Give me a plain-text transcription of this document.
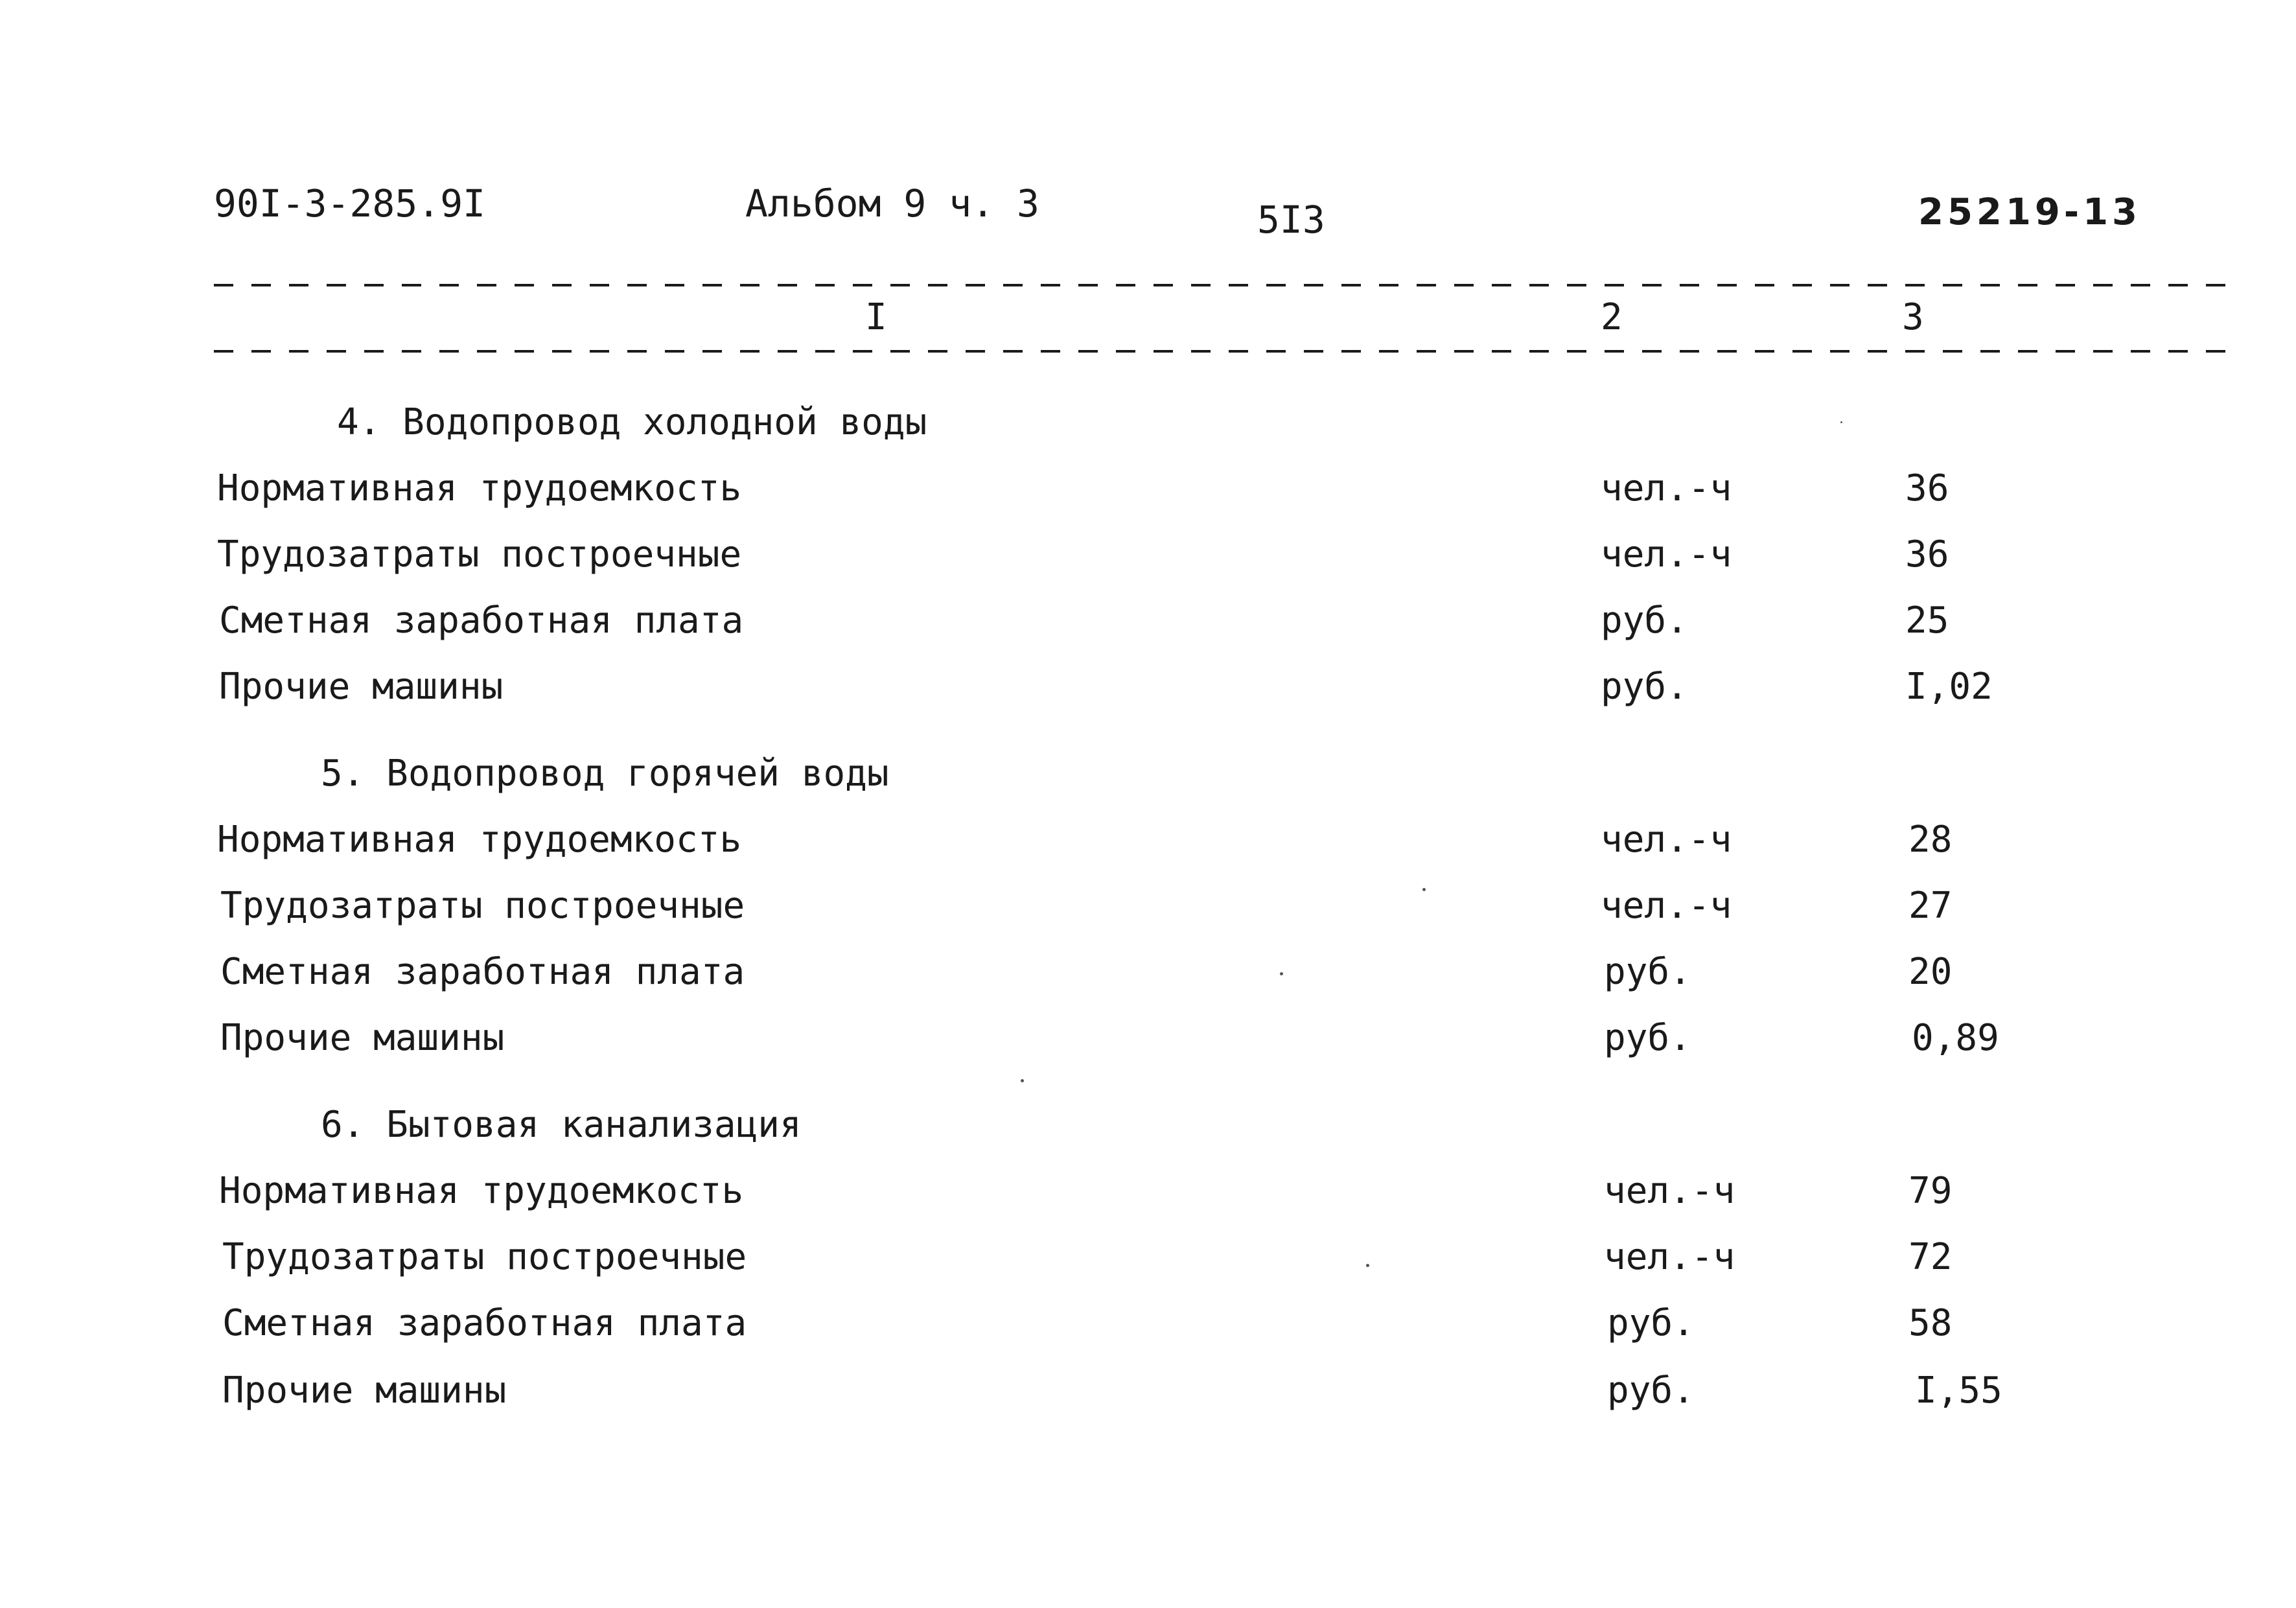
90I-3-285.9I	Альбом 9 ч. 3	5I3	25219-13
I	2	3
4. Водопровод холодной воды
Нормативная трудоемкость	чел.-ч	36
Трудозатраты построечные	чел.-ч	36
Сметная заработная плата	руб.	25
Прочие машины	руб.	I,02
5. Водопровод горячей воды
Нормативная трудоемкость	чел.-ч	28
Трудозатраты построечные	чел.-ч	27
Сметная заработная плата	руб.	20
Прочие машины	руб.	0,89
6. Бытовая канализация
Нормативная трудоемкость	чел.-ч	79
Трудозатраты построечные	чел.-ч	72
Сметная заработная плата	руб.	58
Прочие машины	руб.	I,55
